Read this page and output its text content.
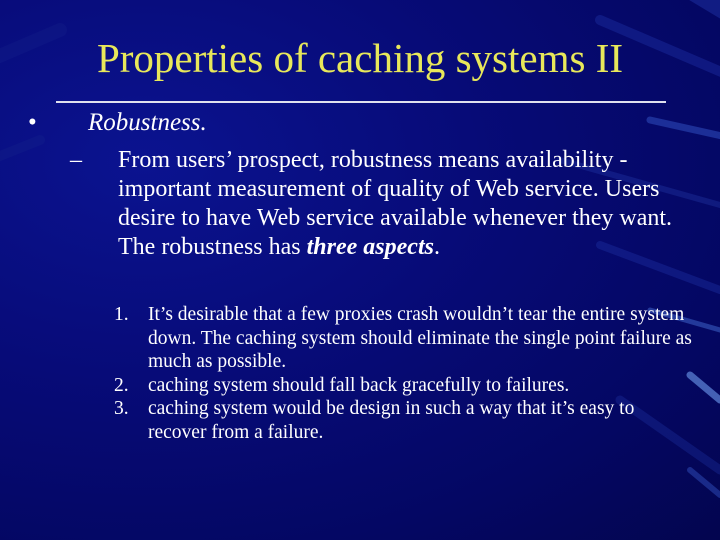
Properties of caching systems II
• Robustness.
– From users’ prospect, robustness means availability - important measurement of quality of Web service. Users desire to have Web service available whenever they want. The robustness has three aspects.
1. It’s desirable that a few proxies crash wouldn’t tear the entire system down. The caching system should eliminate the single point failure as much as possible.
2. caching system should fall back gracefully to failures.
3. caching system would be design in such a way that it’s easy to recover from a failure.
